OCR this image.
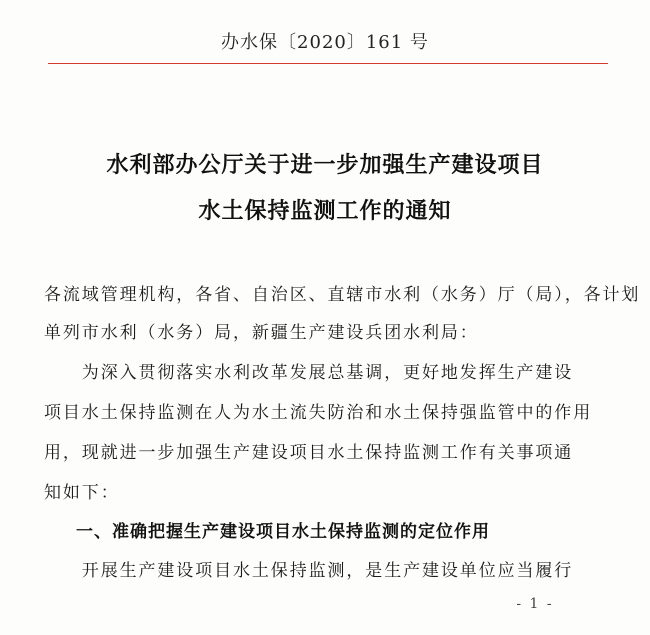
办水保〔2020〕161 号
水利部办公厅关于进一步加强生产建设项目
水土保持监测工作的通知
各流域管理机构，各省、自治区、直辖市水利（水务）厅（局），各计划
单列市水利（水务）局，新疆生产建设兵团水利局：
　　为深入贯彻落实水利改革发展总基调，更好地发挥生产建设
项目水土保持监测在人为水土流失防治和水土保持强监管中的作用
用，现就进一步加强生产建设项目水土保持监测工作有关事项通
知如下：
一、准确把握生产建设项目水土保持监测的定位作用
　　开展生产建设项目水土保持监测，是生产建设单位应当履行
- 1 -
